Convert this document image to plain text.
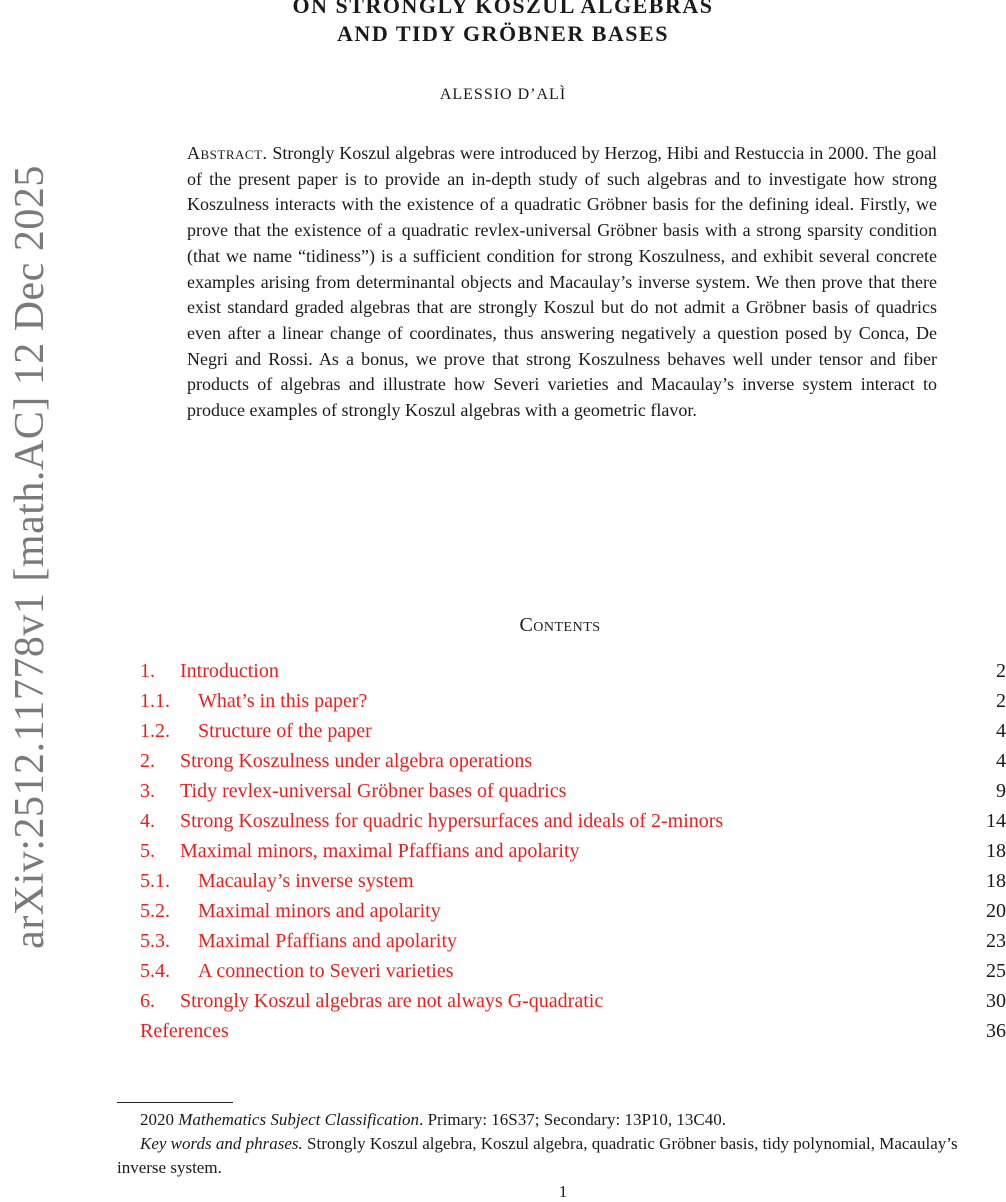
arXiv:2512.11778v1 [math.AC] 12 Dec 2025
ON STRONGLY KOSZUL ALGEBRAS
AND TIDY GRÖBNER BASES
ALESSIO D’ALÌ
Abstract. Strongly Koszul algebras were introduced by Herzog, Hibi and Restuccia in 2000. The goal of the present paper is to provide an in-depth study of such algebras and to investigate how strong Koszulness interacts with the existence of a quadratic Gröbner basis for the defining ideal. Firstly, we prove that the existence of a quadratic revlex-universal Gröbner basis with a strong sparsity condition (that we name “tidiness”) is a sufficient condition for strong Koszulness, and exhibit several concrete examples arising from determinantal objects and Macaulay’s inverse system. We then prove that there exist standard graded algebras that are strongly Koszul but do not admit a Gröbner basis of quadrics even after a linear change of coordinates, thus answering negatively a question posed by Conca, De Negri and Rossi. As a bonus, we prove that strong Koszulness behaves well under tensor and fiber products of algebras and illustrate how Severi varieties and Macaulay’s inverse system interact to produce examples of strongly Koszul algebras with a geometric flavor.
Contents
1. Introduction	2
1.1. What’s in this paper?	2
1.2. Structure of the paper	4
2. Strong Koszulness under algebra operations	4
3. Tidy revlex-universal Gröbner bases of quadrics	9
4. Strong Koszulness for quadric hypersurfaces and ideals of 2-minors	14
5. Maximal minors, maximal Pfaffians and apolarity	18
5.1. Macaulay’s inverse system	18
5.2. Maximal minors and apolarity	20
5.3. Maximal Pfaffians and apolarity	23
5.4. A connection to Severi varieties	25
6. Strongly Koszul algebras are not always G-quadratic	30
References	36
2020 Mathematics Subject Classification. Primary: 16S37; Secondary: 13P10, 13C40.
Key words and phrases. Strongly Koszul algebra, Koszul algebra, quadratic Gröbner basis, tidy polynomial, Macaulay’s inverse system.
1
